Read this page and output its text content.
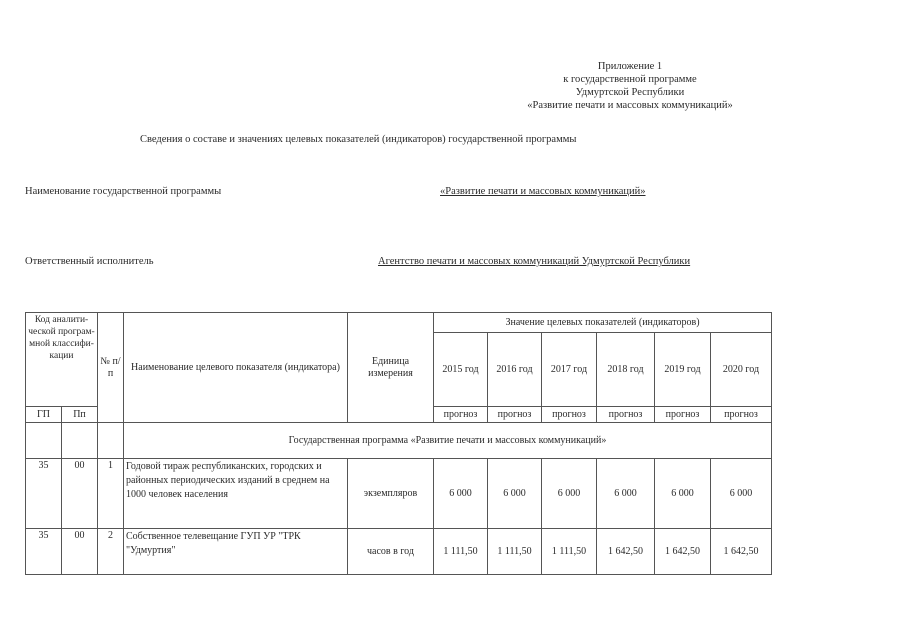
Приложение 1
к государственной программе
Удмуртской Республики
«Развитие печати и массовых коммуникаций»
Сведения о составе и значениях целевых показателей (индикаторов) государственной программы
Наименование государственной программы	«Развитие печати и массовых коммуникаций»
Ответственный исполнитель	Агентство печати и массовых коммуникаций Удмуртской Республики
Код аналити-ческой програм-мной классифи-кации		№ п/п	Наименование целевого показателя (индикатора)	Единица измерения	Значение целевых показателей (индикаторов)					
					2015 год	2016 год	2017 год	2018 год	2019 год	2020 год
ГП	Пп				прогноз	прогноз	прогноз	прогноз	прогноз	прогноз
			Государственная программа «Развитие печати и массовых коммуникаций»							
35	00	1	Годовой тираж республиканских, городских и районных периодических изданий в среднем на 1000 человек населения	экземпляров	6 000	6 000	6 000	6 000	6 000	6 000
35	00	2	Собственное телевещание ГУП УР "ТРК "Удмуртия"	часов в год	1 111,50	1 111,50	1 111,50	1 642,50	1 642,50	1 642,50
